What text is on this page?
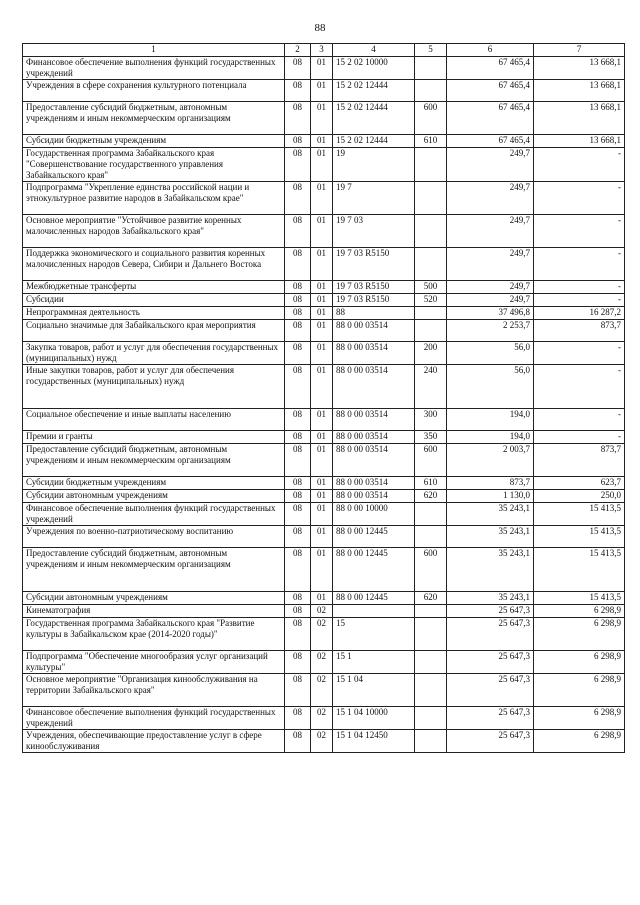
88
1	2	3	4	5	6	7
Финансовое обеспечение выполнения функций государственных учреждений	08	01	15 2 02 10000		67 465,4	13 668,1
Учреждения в сфере сохранения культурного потенциала	08	01	15 2 02 12444		67 465,4	13 668,1
Предоставление субсидий бюджетным, автономным учреждениям и иным некоммерческим организациям	08	01	15 2 02 12444	600	67 465,4	13 668,1
Субсидии бюджетным учреждениям	08	01	15 2 02 12444	610	67 465,4	13 668,1
Государственная программа Забайкальского края "Совершенствование государственного управления Забайкальского края"	08	01	19		249,7	-
Подпрограмма "Укрепление единства российской нации и этнокультурное развитие народов в Забайкальском крае"	08	01	19 7		249,7	-
Основное мероприятие "Устойчивое развитие коренных малочисленных народов Забайкальского края"	08	01	19 7 03		249,7	-
Поддержка экономического и социального развития коренных малочисленных народов Севера, Сибири и Дальнего Востока	08	01	19 7 03 R5150		249,7	-
Межбюджетные трансферты	08	01	19 7 03 R5150	500	249,7	-
Субсидии	08	01	19 7 03 R5150	520	249,7	-
Непрограммная деятельность	08	01	88		37 496,8	16 287,2
Социально значимые для Забайкальского края мероприятия	08	01	88 0 00 03514		2 253,7	873,7
Закупка товаров, работ и услуг для обеспечения государственных (муниципальных) нужд	08	01	88 0 00 03514	200	56,0	-
Иные закупки товаров, работ и услуг для обеспечения государственных (муниципальных) нужд	08	01	88 0 00 03514	240	56,0	-
Социальное обеспечение и иные выплаты населению	08	01	88 0 00 03514	300	194,0	-
Премии и гранты	08	01	88 0 00 03514	350	194,0	-
Предоставление субсидий бюджетным, автономным учреждениям и иным некоммерческим организациям	08	01	88 0 00 03514	600	2 003,7	873,7
Субсидии бюджетным учреждениям	08	01	88 0 00 03514	610	873,7	623,7
Субсидии автономным учреждениям	08	01	88 0 00 03514	620	1 130,0	250,0
Финансовое обеспечение выполнения функций государственных учреждений	08	01	88 0 00 10000		35 243,1	15 413,5
Учреждения по военно-патриотическому воспитанию	08	01	88 0 00 12445		35 243,1	15 413,5
Предоставление субсидий бюджетным, автономным учреждениям и иным некоммерческим организациям	08	01	88 0 00 12445	600	35 243,1	15 413,5
Субсидии автономным учреждениям	08	01	88 0 00 12445	620	35 243,1	15 413,5
Кинематография	08	02			25 647,3	6 298,9
Государственная программа Забайкальского края "Развитие культуры в Забайкальском крае (2014-2020 годы)"	08	02	15		25 647,3	6 298,9
Подпрограмма "Обеспечение многообразия услуг организаций культуры"	08	02	15 1		25 647,3	6 298,9
Основное мероприятие "Организация кинообслуживания на территории Забайкальского края"	08	02	15 1 04		25 647,3	6 298,9
Финансовое обеспечение выполнения функций государственных учреждений	08	02	15 1 04 10000		25 647,3	6 298,9
Учреждения, обеспечивающие предоставление услуг в сфере кинообслуживания	08	02	15 1 04 12450		25 647,3	6 298,9
